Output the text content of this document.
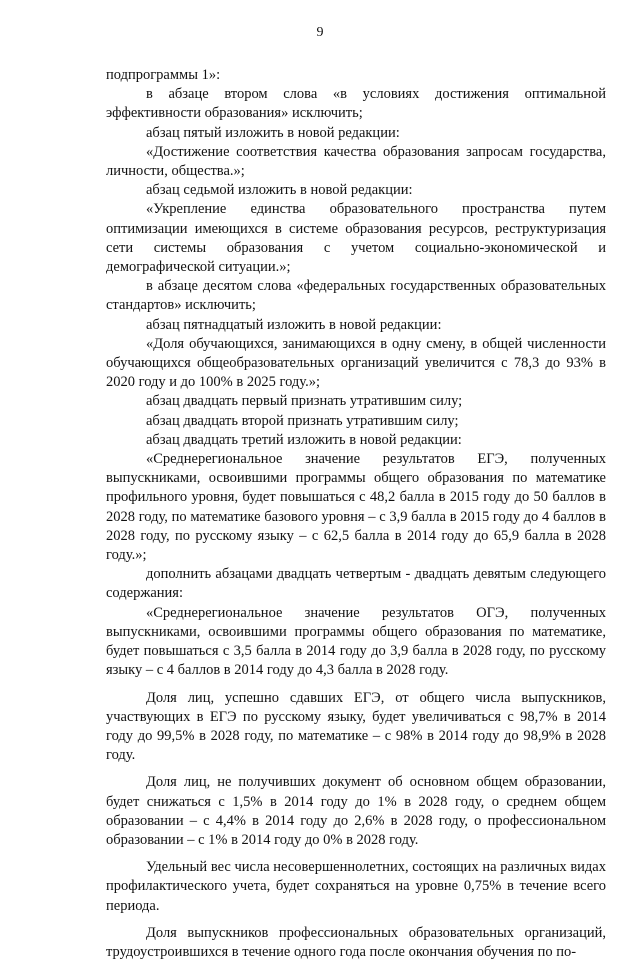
9

подпрограммы 1»:

в абзаце втором слова «в условиях достижения оптимальной эффективности образования» исключить;

абзац пятый изложить в новой редакции:

«Достижение соответствия качества образования запросам государства, личности, общества.»;

абзац седьмой изложить в новой редакции:

«Укрепление единства образовательного пространства путем оптимизации имеющихся в системе образования ресурсов, реструктуризация сети системы образования с учетом социально-экономической и демографической ситуации.»;

в абзаце десятом слова «федеральных государственных образовательных стандартов» исключить;

абзац пятнадцатый изложить в новой редакции:

«Доля обучающихся, занимающихся в одну смену, в общей численности обучающихся общеобразовательных организаций увеличится с 78,3 до 93% в 2020 году и до 100% в 2025 году.»;

абзац двадцать первый признать утратившим силу;

абзац двадцать второй признать утратившим силу;

абзац двадцать третий изложить в новой редакции:

«Среднерегиональное значение результатов ЕГЭ, полученных выпускниками, освоившими программы общего образования по математике профильного уровня, будет повышаться с 48,2 балла в 2015 году до 50 баллов в 2028 году, по математике базового уровня – с 3,9 балла в 2015 году до 4 баллов в 2028 году, по русскому языку – с 62,5 балла в 2014 году до 65,9 балла в 2028 году.»;

дополнить абзацами двадцать четвертым - двадцать девятым следующего содержания:

«Среднерегиональное значение результатов ОГЭ, полученных выпускниками, освоившими программы общего образования по математике, будет повышаться с 3,5 балла в 2014 году до 3,9 балла в 2028 году, по русскому языку – с 4 баллов в 2014 году до 4,3 балла в 2028 году.

Доля лиц, успешно сдавших ЕГЭ, от общего числа выпускников, участвующих в ЕГЭ по русскому языку, будет увеличиваться с 98,7% в 2014 году до 99,5% в 2028 году, по математике – с 98% в 2014 году до 98,9% в 2028 году.

Доля лиц, не получивших документ об основном общем образовании, будет снижаться с 1,5% в 2014 году до 1% в 2028 году, о среднем общем образовании – с 4,4% в 2014 году до 2,6% в 2028 году, о профессиональном образовании – с 1% в 2014 году до 0% в 2028 году.

Удельный вес числа несовершеннолетних, состоящих на различных видах профилактического учета, будет сохраняться на уровне 0,75% в течение всего периода.

Доля выпускников профессиональных образовательных организаций, трудоустроившихся в течение одного года после окончания обучения по по-
